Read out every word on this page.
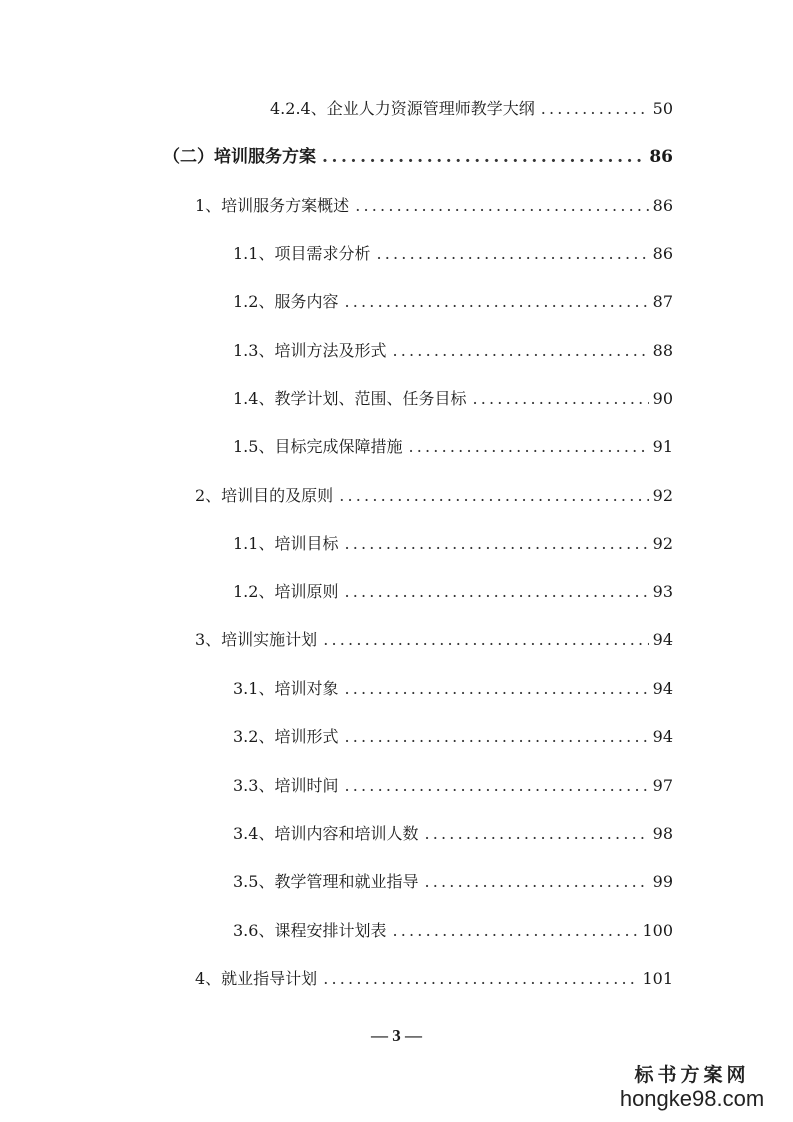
4.2.4、企业人力资源管理师教学大纲 .....	50
（二）培训服务方案 .....	86
1、培训服务方案概述 .....	86
1.1、项目需求分析 .....	86
1.2、服务内容 .....	87
1.3、培训方法及形式 .....	88
1.4、教学计划、范围、任务目标 .....	90
1.5、目标完成保障措施 .....	91
2、培训目的及原则 .....	92
1.1、培训目标 .....	92
1.2、培训原则 .....	93
3、培训实施计划 .....	94
3.1、培训对象 .....	94
3.2、培训形式 .....	94
3.3、培训时间 .....	97
3.4、培训内容和培训人数 .....	98
3.5、教学管理和就业指导 .....	99
3.6、课程安排计划表 .....	100
4、就业指导计划 .....	101
— 3 —
标书方案网
hongke98.com
